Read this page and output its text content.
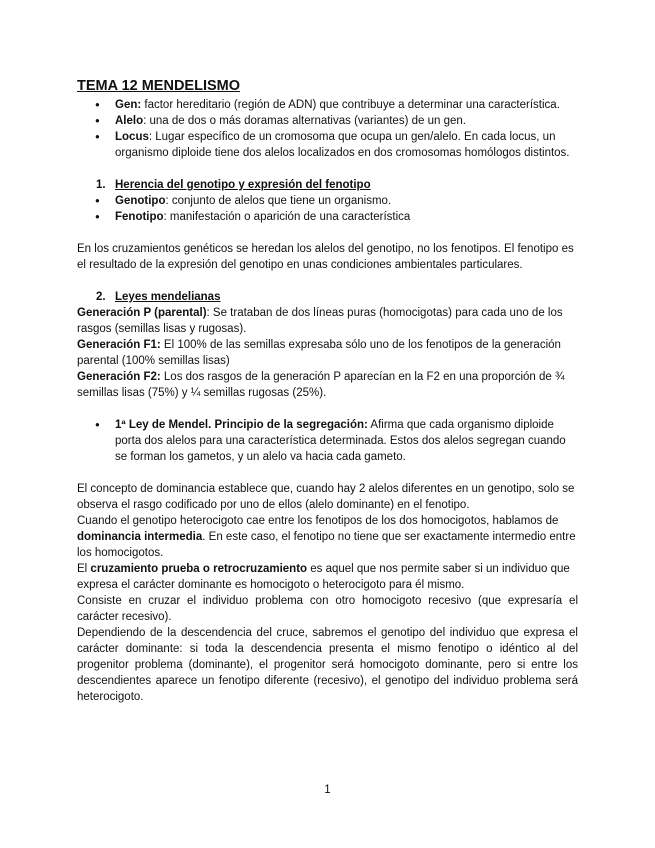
TEMA 12 MENDELISMO
● Gen: factor hereditario (región de ADN) que contribuye a determinar una característica.
● Alelo: una de dos o más doramas alternativas (variantes) de un gen.
● Locus: Lugar específico de un cromosoma que ocupa un gen/alelo. En cada locus, un organismo diploide tiene dos alelos localizados en dos cromosomas homólogos distintos.
1. Herencia del genotipo y expresión del fenotipo
● Genotipo: conjunto de alelos que tiene un organismo.
● Fenotipo: manifestación o aparición de una característica

En los cruzamientos genéticos se heredan los alelos del genotipo, no los fenotipos. El fenotipo es el resultado de la expresión del genotipo en unas condiciones ambientales particulares.

2. Leyes mendelianas

Generación P (parental): Se trataban de dos líneas puras (homocigotas) para cada uno de los rasgos (semillas lisas y rugosas).

Generación F1: El 100% de las semillas expresaba sólo uno de los fenotipos de la generación parental (100% semillas lisas)

Generación F2: Los dos rasgos de la generación P aparecían en la F2 en una proporción de ¾ semillas lisas (75%) y ¼ semillas rugosas (25%).

● 1ª Ley de Mendel. Principio de la segregación: Afirma que cada organismo diploide porta dos alelos para una característica determinada. Estos dos alelos segregan cuando se forman los gametos, y un alelo va hacia cada gameto.

El concepto de dominancia establece que, cuando hay 2 alelos diferentes en un genotipo, solo se observa el rasgo codificado por uno de ellos (alelo dominante) en el fenotipo.

Cuando el genotipo heterocigoto cae entre los fenotipos de los dos homocigotos, hablamos de dominancia intermedia. En este caso, el fenotipo no tiene que ser exactamente intermedio entre los homocigotos.

El cruzamiento prueba o retrocruzamiento es aquel que nos permite saber si un individuo que expresa el carácter dominante es homocigoto o heterocigoto para él mismo.

Consiste en cruzar el individuo problema con otro homocigoto recesivo (que expresaría el carácter recesivo).

Dependiendo de la descendencia del cruce, sabremos el genotipo del individuo que expresa el carácter dominante: si toda la descendencia presenta el mismo fenotipo o idéntico al del progenitor problema (dominante), el progenitor será homocigoto dominante, pero si entre los descendientes aparece un fenotipo diferente (recesivo), el genotipo del individuo problema será heterocigoto.

1
